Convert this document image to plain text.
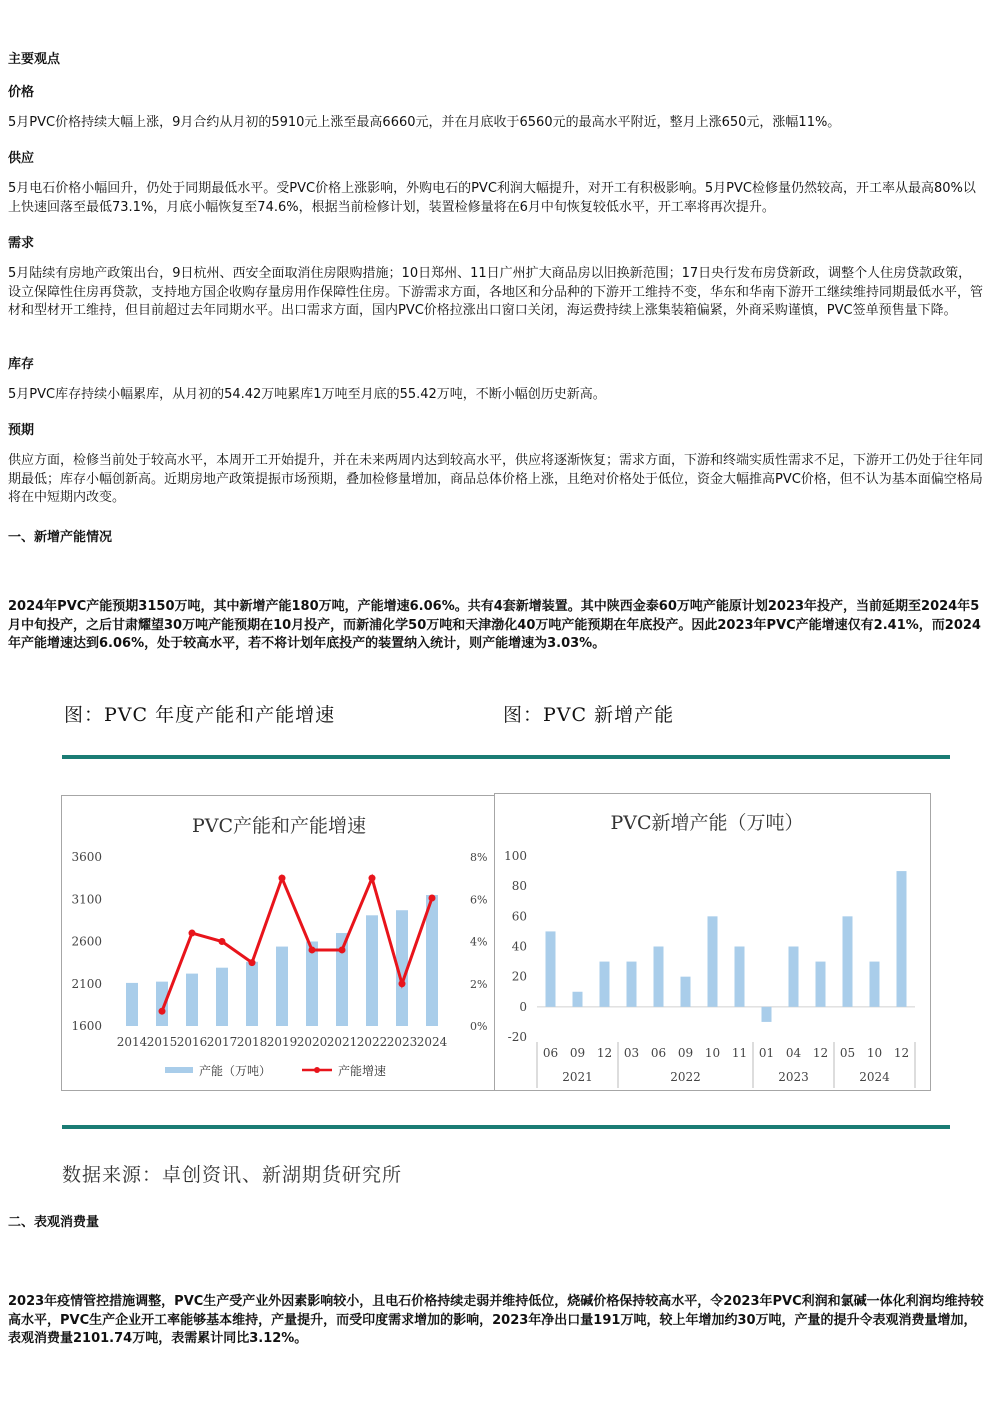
主要观点
价格
5月PVC价格持续大幅上涨，9月合约从月初的5910元上涨至最高6660元，并在月底收于6560元的最高水平附近，整月上涨650元，涨幅11%。
供应
5月电石价格小幅回升，仍处于同期最低水平。受PVC价格上涨影响，外购电石的PVC利润大幅提升，对开工有积极影响。5月PVC检修量仍然较高，开工率从最高80%以上快速回落至最低73.1%，月底小幅恢复至74.6%，根据当前检修计划，装置检修量将在6月中旬恢复较低水平，开工率将再次提升。
需求
5月陆续有房地产政策出台，9日杭州、西安全面取消住房限购措施；10日郑州、11日广州扩大商品房以旧换新范围；17日央行发布房贷新政，调整个人住房贷款政策，设立保障性住房再贷款，支持地方国企收购存量房用作保障性住房。下游需求方面，各地区和分品种的下游开工维持不变，华东和华南下游开工继续维持同期最低水平，管材和型材开工维持，但目前超过去年同期水平。出口需求方面，国内PVC价格拉涨出口窗口关闭，海运费持续上涨集装箱偏紧，外商采购谨慎，PVC签单预售量下降。
库存
5月PVC库存持续小幅累库，从月初的54.42万吨累库1万吨至月底的55.42万吨，不断小幅创历史新高。
预期
供应方面，检修当前处于较高水平，本周开工开始提升，并在未来两周内达到较高水平，供应将逐渐恢复；需求方面，下游和终端实质性需求不足，下游开工仍处于往年同期最低；库存小幅创新高。近期房地产政策提振市场预期，叠加检修量增加，商品总体价格上涨，且绝对价格处于低位，资金大幅推高PVC价格，但不认为基本面偏空格局将在中短期内改变。
一、新增产能情况
2024年PVC产能预期3150万吨，其中新增产能180万吨，产能增速6.06%。共有4套新增装置。其中陕西金泰60万吨产能原计划2023年投产，当前延期至2024年5月中旬投产，之后甘肃耀望30万吨产能预期在10月投产，而新浦化学50万吨和天津渤化40万吨产能预期在年底投产。因此2023年PVC产能增速仅有2.41%，而2024年产能增速达到6.06%，处于较高水平，若不将计划年底投产的装置纳入统计，则产能增速为3.03%。
图：PVC 年度产能和产能增速	图：PVC 新增产能
PVC产能和产能增速
1600
2100
2600
3100
3600
0%
2%
4%
6%
8%
2014 2015 2016 2017 2018 2019 2020 2021 2022 2023 2024
产能（万吨）	产能增速
PVC新增产能（万吨）
-20
0
20
40
60
80
100
06 09 12 03 06 09 10 11 01 04 12 05 10 12
2021	2022	2023	2024
数据来源：卓创资讯、新湖期货研究所
二、表观消费量
2023年疫情管控措施调整，PVC生产受产业外因素影响较小，且电石价格持续走弱并维持低位，烧碱价格保持较高水平，令2023年PVC利润和氯碱一体化利润均维持较高水平，PVC生产企业开工率能够基本维持，产量提升，而受印度需求增加的影响，2023年净出口量191万吨，较上年增加约30万吨，产量的提升令表观消费量增加，表观消费量2101.74万吨，表需累计同比3.12%。
